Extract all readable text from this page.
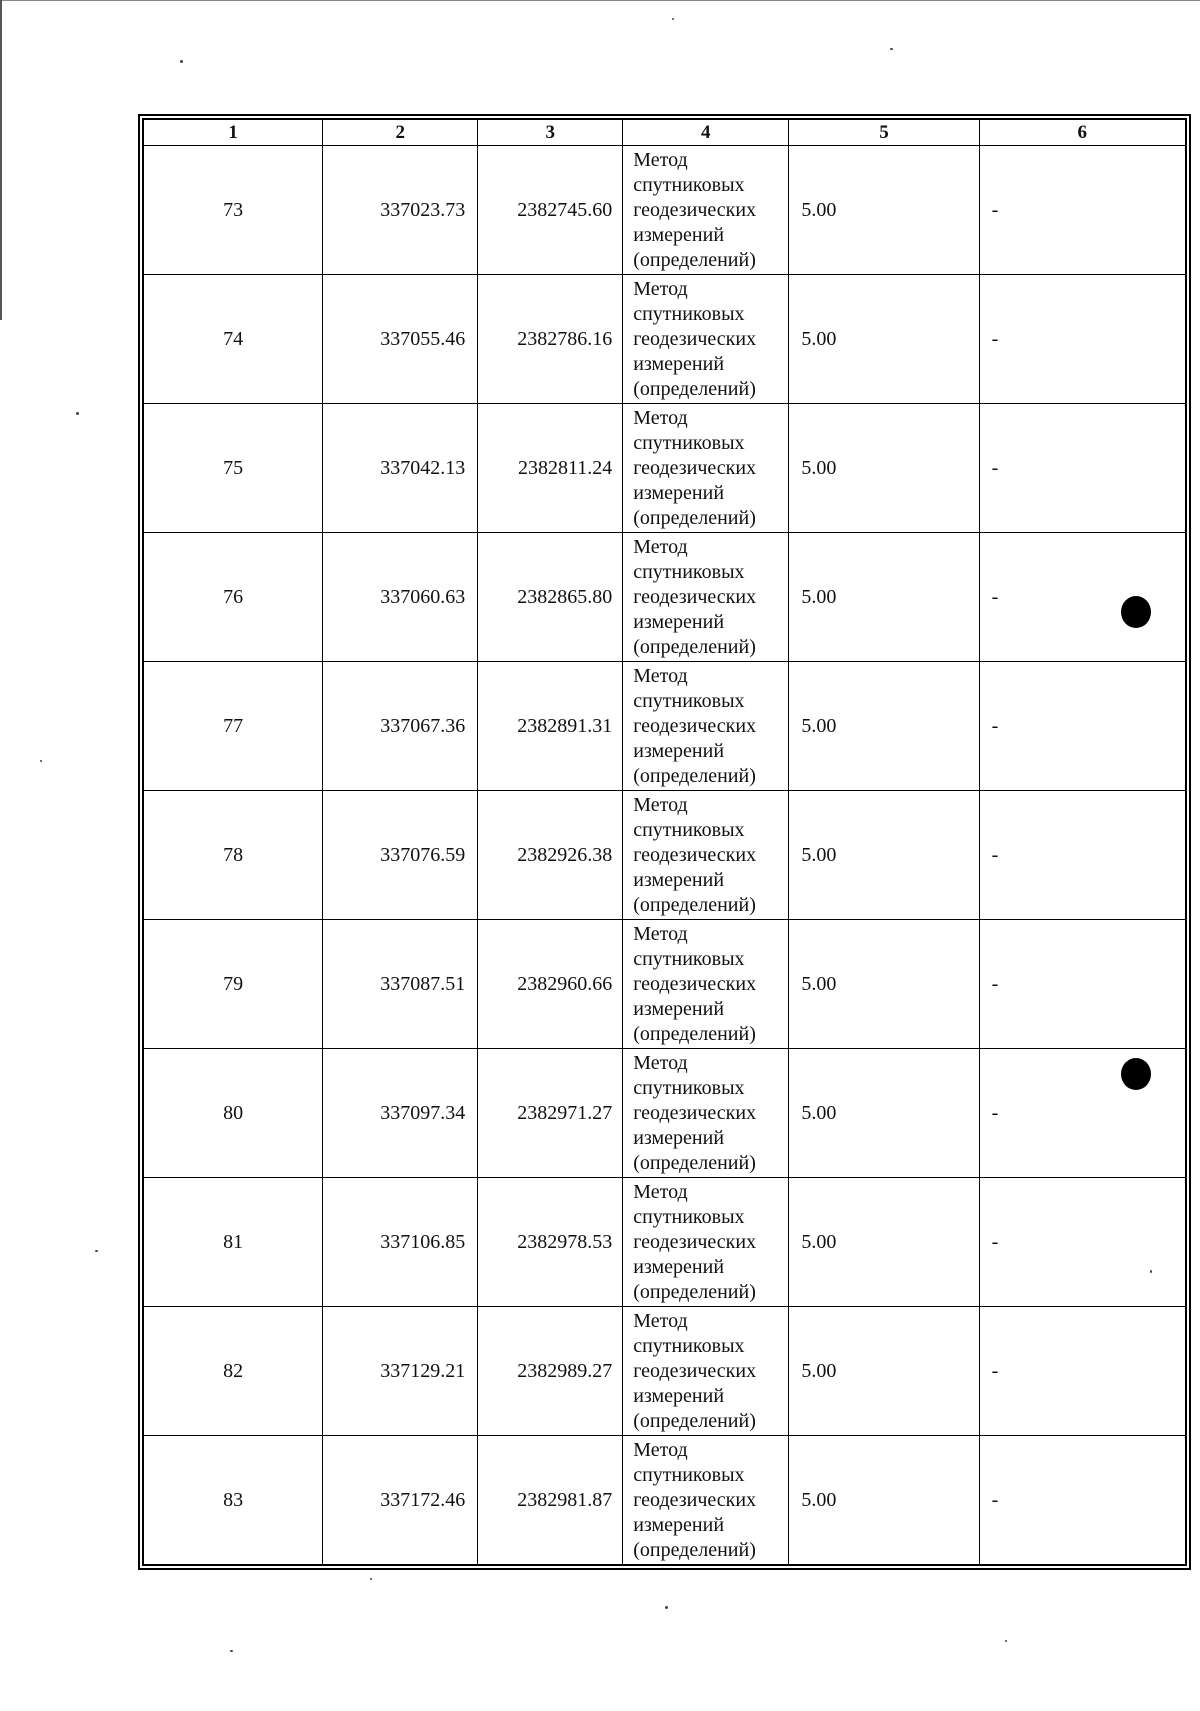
1	2	3	4	5	6
73	337023.73	2382745.60	Метод
спутниковых
геодезических
измерений
(определений)	5.00	-
74	337055.46	2382786.16	Метод
спутниковых
геодезических
измерений
(определений)	5.00	-
75	337042.13	2382811.24	Метод
спутниковых
геодезических
измерений
(определений)	5.00	-
76	337060.63	2382865.80	Метод
спутниковых
геодезических
измерений
(определений)	5.00	-
77	337067.36	2382891.31	Метод
спутниковых
геодезических
измерений
(определений)	5.00	-
78	337076.59	2382926.38	Метод
спутниковых
геодезических
измерений
(определений)	5.00	-
79	337087.51	2382960.66	Метод
спутниковых
геодезических
измерений
(определений)	5.00	-
80	337097.34	2382971.27	Метод
спутниковых
геодезических
измерений
(определений)	5.00	-
81	337106.85	2382978.53	Метод
спутниковых
геодезических
измерений
(определений)	5.00	-
82	337129.21	2382989.27	Метод
спутниковых
геодезических
измерений
(определений)	5.00	-
83	337172.46	2382981.87	Метод
спутниковых
геодезических
измерений
(определений)	5.00	-
